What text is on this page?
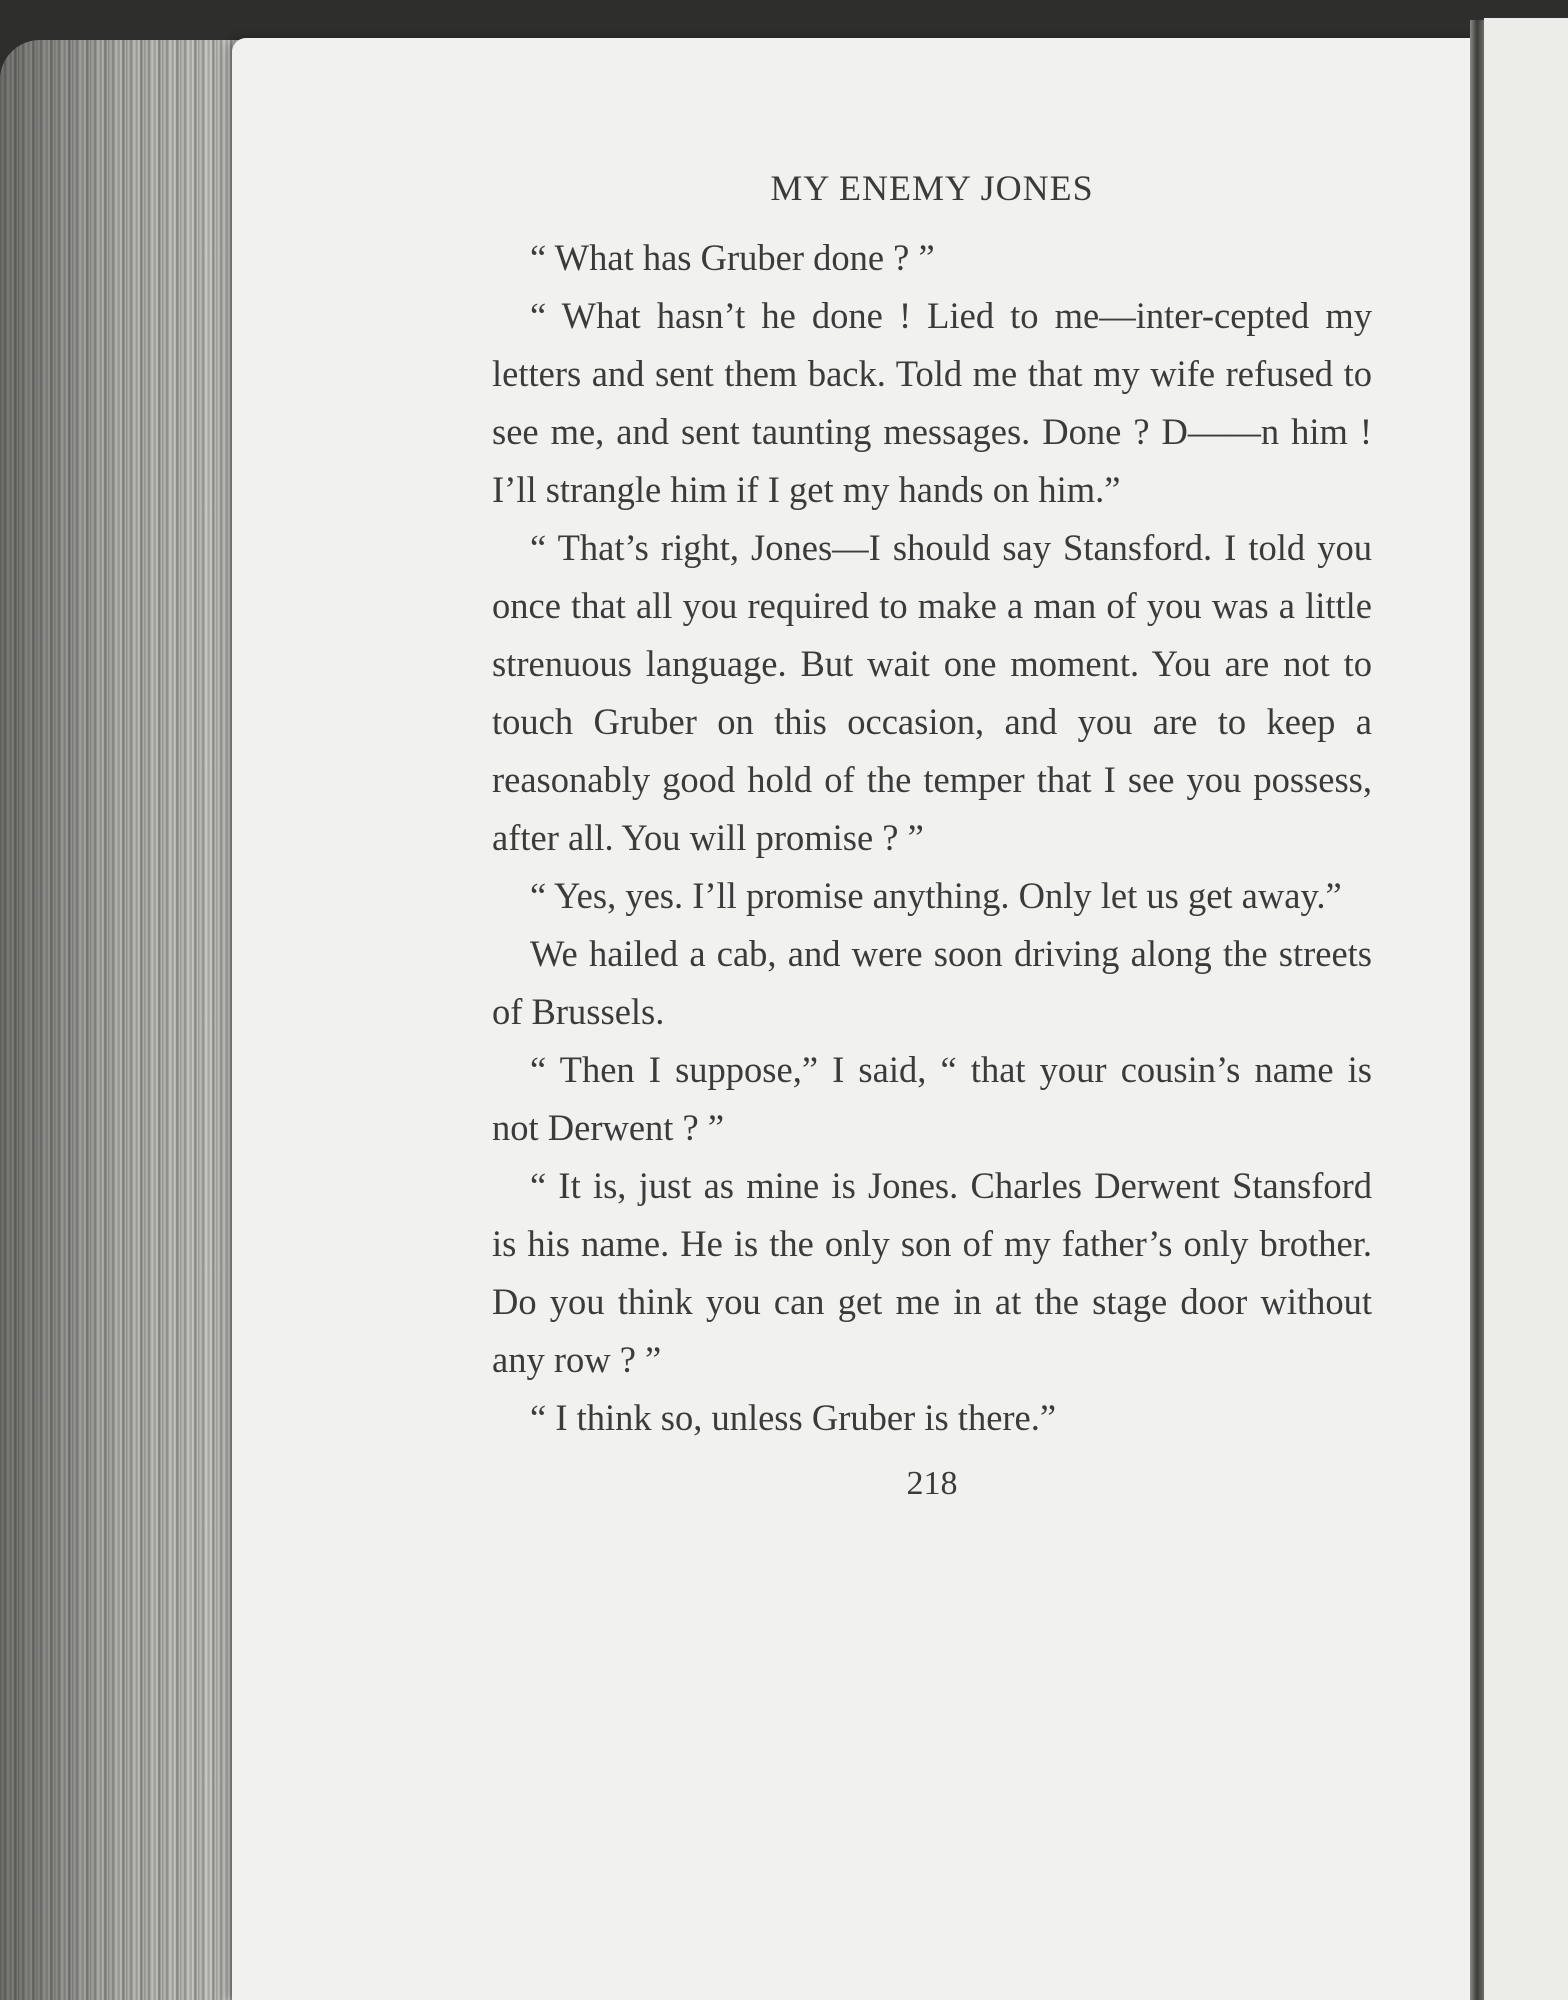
MY ENEMY JONES

“ What has Gruber done ? ”

“ What hasn’t he done ! Lied to me—inter-cepted my letters and sent them back. Told me that my wife refused to see me, and sent taunting messages. Done ? D——n him ! I’ll strangle him if I get my hands on him.”

“ That’s right, Jones—I should say Stansford. I told you once that all you required to make a man of you was a little strenuous language. But wait one moment. You are not to touch Gruber on this occasion, and you are to keep a reasonably good hold of the temper that I see you possess, after all. You will promise ? ”

“ Yes, yes. I’ll promise anything. Only let us get away.”

We hailed a cab, and were soon driving along the streets of Brussels.

“ Then I suppose,” I said, “ that your cousin’s name is not Derwent ? ”

“ It is, just as mine is Jones. Charles Derwent Stansford is his name. He is the only son of my father’s only brother. Do you think you can get me in at the stage door without any row ? ”

“ I think so, unless Gruber is there.”

218
